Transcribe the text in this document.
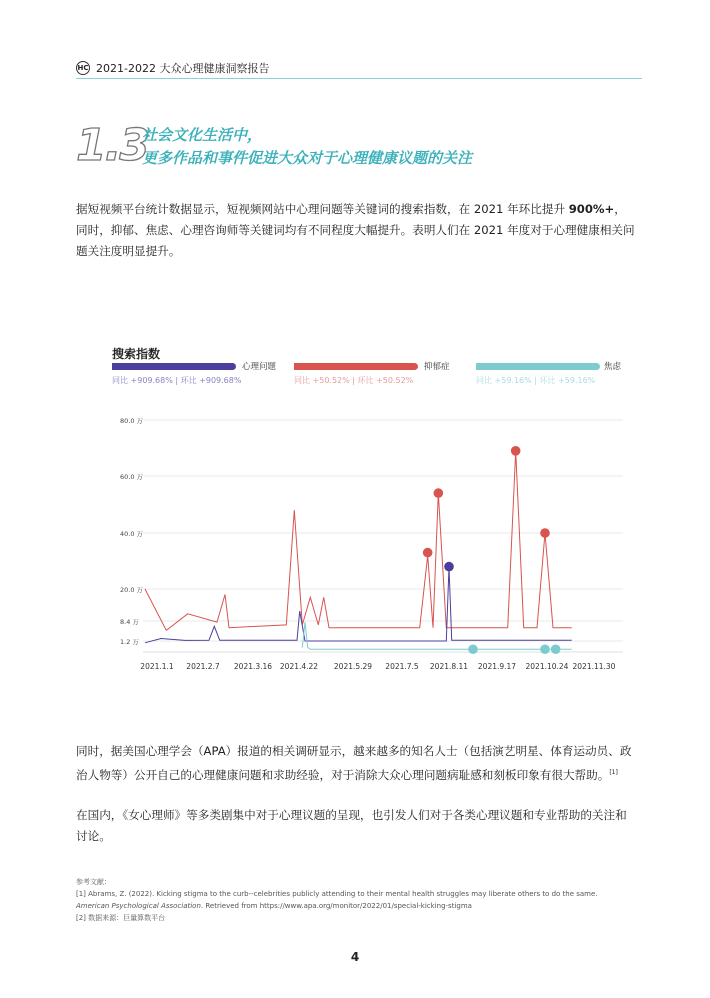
HC 2021-2022 大众心理健康洞察报告
1.3
社会文化生活中，
更多作品和事件促进大众对于心理健康议题的关注
据短视频平台统计数据显示，短视频网站中心理问题等关键词的搜索指数，在 2021 年环比提升 900%+，同时，抑郁、焦虑、心理咨询师等关键词均有不同程度大幅提升。表明人们在 2021 年度对于心理健康相关问题关注度明显提升。
搜索指数
心理问题
同比 +909.68% | 环比 +909.68%
抑郁症
同比 +50.52% | 环比 +50.52%
焦虑
同比 +59.16% | 环比 +59.16%
80.0 万
60.0 万
40.0 万
20.0 万
8.4 万
1.2 万
2021.1.1 2021.2.7 2021.3.16 2021.4.22 2021.5.29 2021.7.5 2021.8.11 2021.9.17 2021.10.24 2021.11.30
同时，据美国心理学会（APA）报道的相关调研显示，越来越多的知名人士（包括演艺明星、体育运动员、政治人物等）公开自己的心理健康问题和求助经验，对于消除大众心理问题病耻感和刻板印象有很大帮助。[1]
在国内，《女心理师》等多类剧集中对于心理议题的呈现，也引发人们对于各类心理议题和专业帮助的关注和讨论。
参考文献：
[1] Abrams, Z. (2022). Kicking stigma to the curb--celebrities publicly attending to their mental health struggles may liberate others to do the same.
American Psychological Association. Retrieved from https://www.apa.org/monitor/2022/01/special-kicking-stigma
[2] 数据来源：巨量算数平台
4
